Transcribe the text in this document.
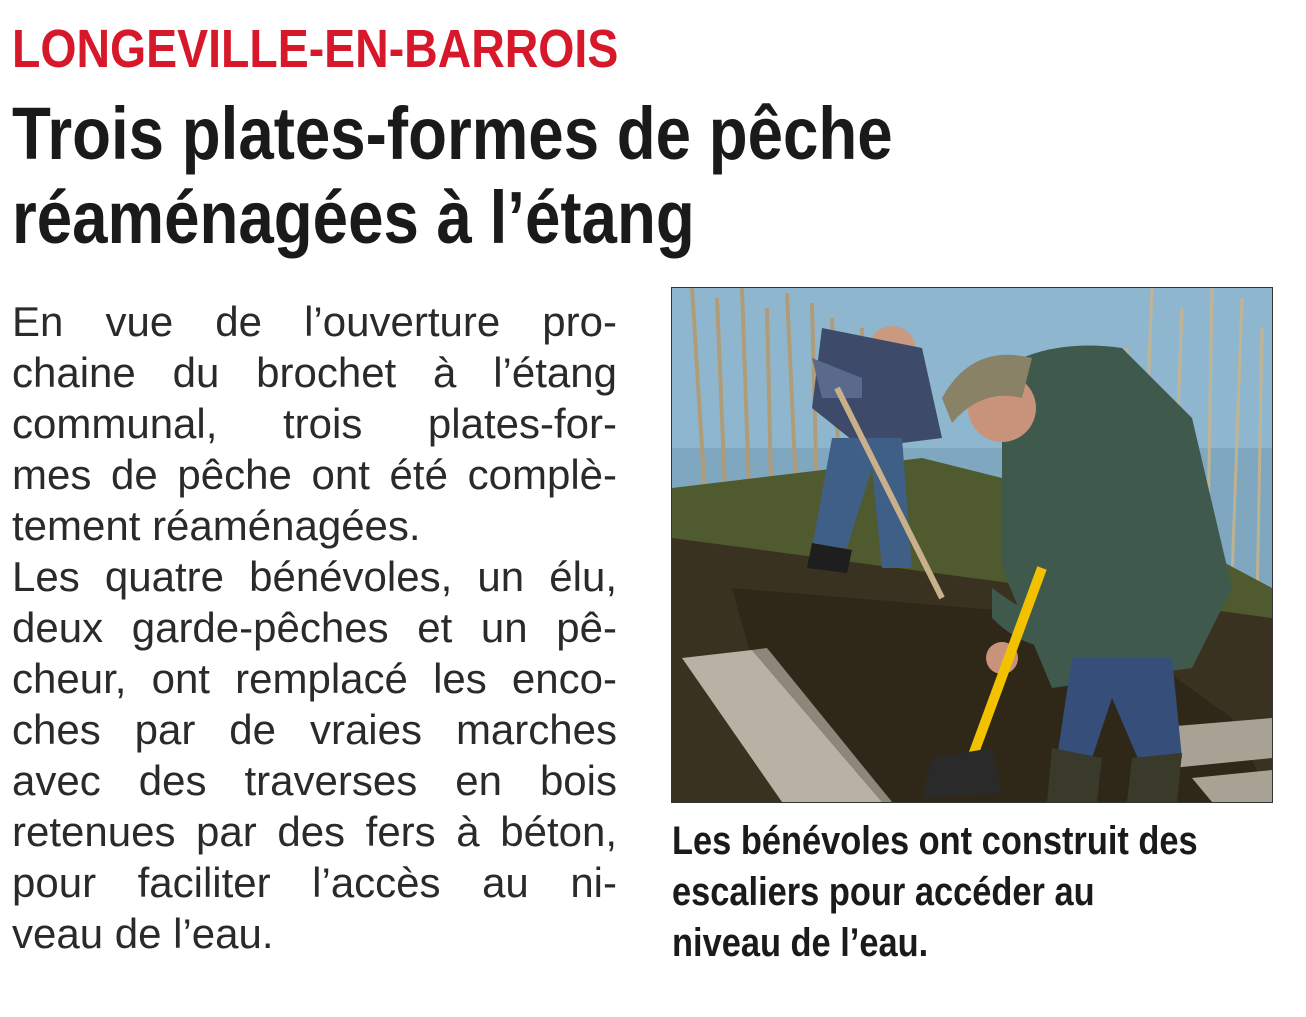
LONGEVILLE-EN-BARROIS
Trois plates-formes de pêche
réaménagées à l’étang
En vue de l’ouverture pro-
chaine du brochet à l’étang
communal, trois plates-for-
mes de pêche ont été complè-
tement réaménagées.
Les quatre bénévoles, un élu,
deux garde-pêches et un pê-
cheur, ont remplacé les enco-
ches par de vraies marches
avec des traverses en bois
retenues par des fers à béton,
pour faciliter l’accès au ni-
veau de l’eau.
Les bénévoles ont construit des
escaliers pour accéder au
niveau de l’eau.
